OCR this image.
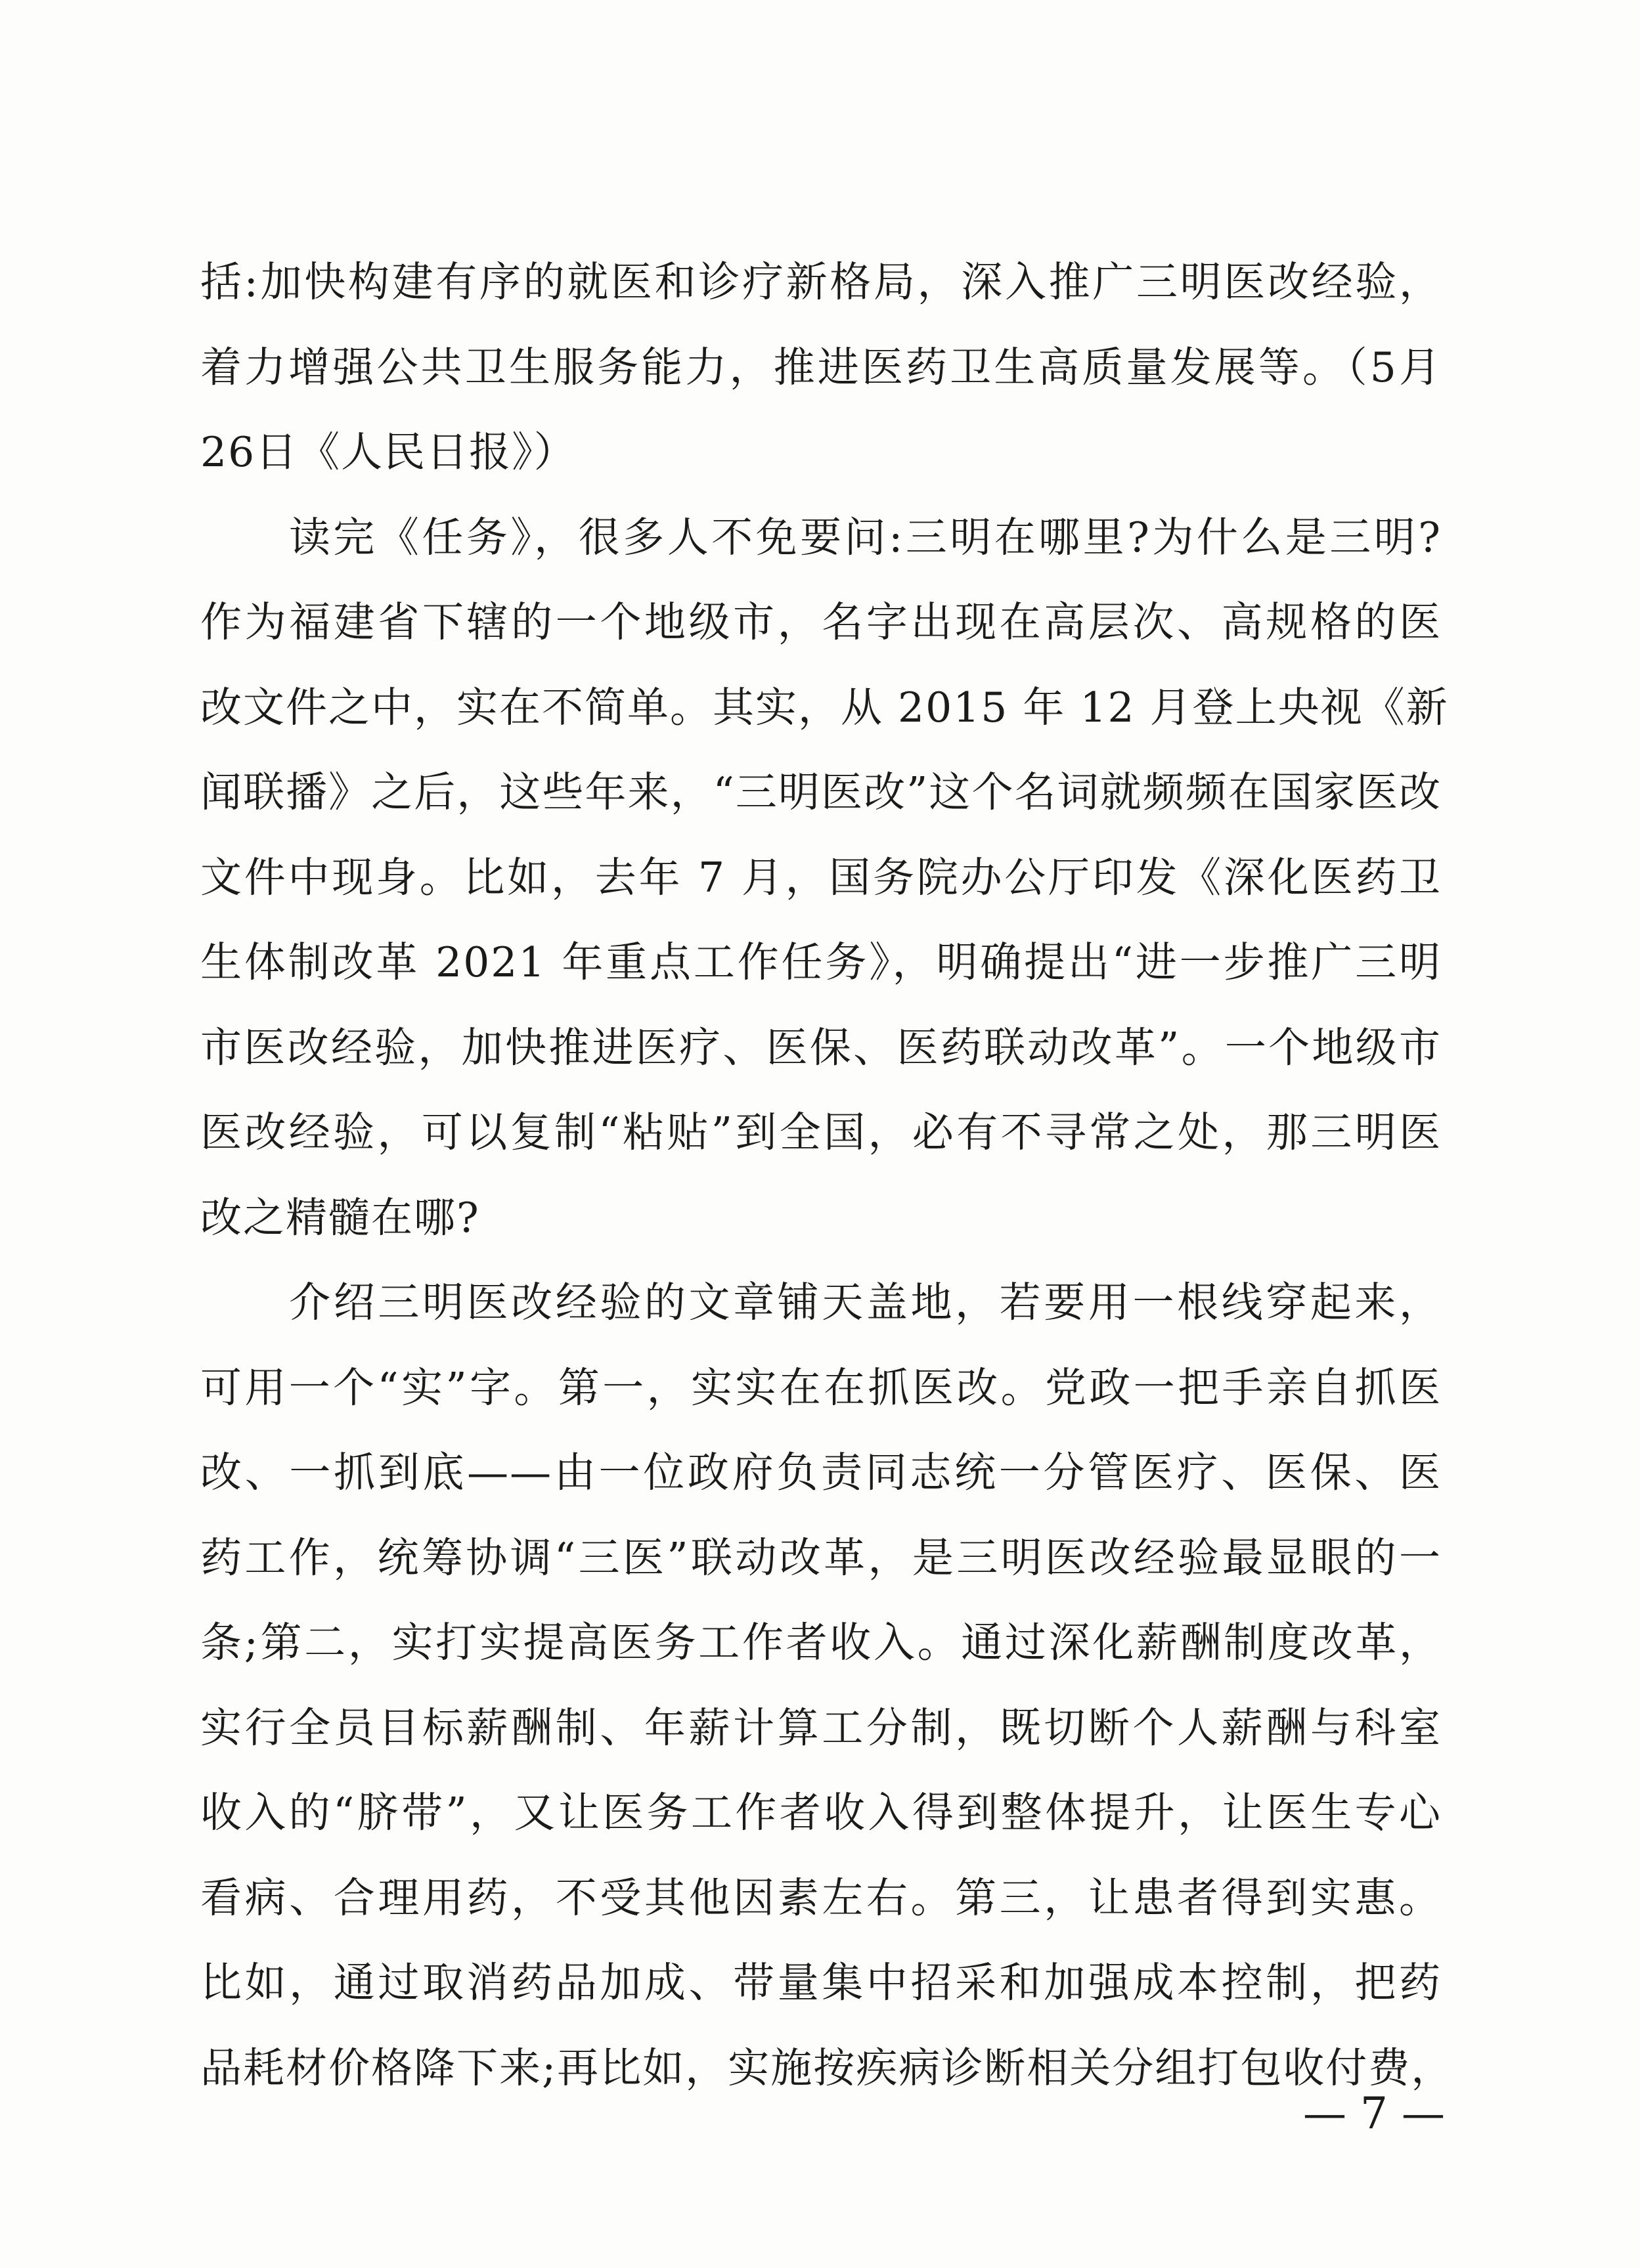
括:加快构建有序的就医和诊疗新格局，深入推广三明医改经验，
着力增强公共卫生服务能力，推进医药卫生高质量发展等。（5月
26日《人民日报》）
　　读完《任务》，很多人不免要问:三明在哪里?为什么是三明?
作为福建省下辖的一个地级市，名字出现在高层次、高规格的医
改文件之中，实在不简单。其实，从 2015 年 12 月登上央视《新
闻联播》之后，这些年来，“三明医改”这个名词就频频在国家医改
文件中现身。比如，去年 7 月，国务院办公厅印发《深化医药卫
生体制改革 2021 年重点工作任务》，明确提出“进一步推广三明
市医改经验，加快推进医疗、医保、医药联动改革”。一个地级市
医改经验，可以复制“粘贴”到全国，必有不寻常之处，那三明医
改之精髓在哪?
　　介绍三明医改经验的文章铺天盖地，若要用一根线穿起来，
可用一个“实”字。第一，实实在在抓医改。党政一把手亲自抓医
改、一抓到底——由一位政府负责同志统一分管医疗、医保、医
药工作，统筹协调“三医”联动改革，是三明医改经验最显眼的一
条;第二，实打实提高医务工作者收入。通过深化薪酬制度改革，
实行全员目标薪酬制、年薪计算工分制，既切断个人薪酬与科室
收入的“脐带”，又让医务工作者收入得到整体提升，让医生专心
看病、合理用药，不受其他因素左右。第三，让患者得到实惠。
比如，通过取消药品加成、带量集中招采和加强成本控制，把药
品耗材价格降下来;再比如，实施按疾病诊断相关分组打包收付费，
— 7 —
